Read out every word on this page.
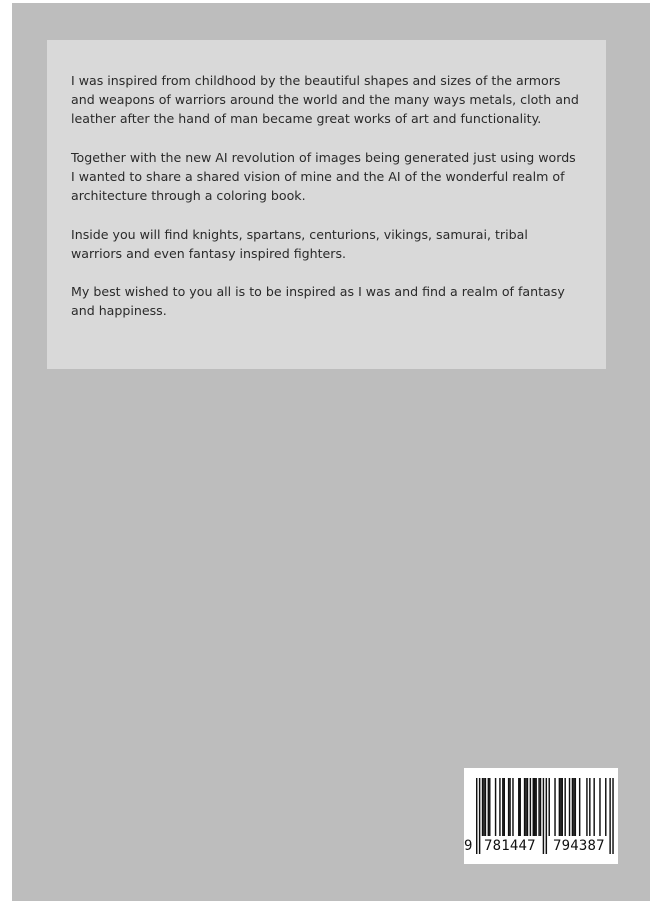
I was inspired from childhood by the beautiful shapes and sizes of the armors and weapons of warriors around the world and the many ways metals, cloth and leather after the hand of man became great works of art and functionality.

Together with the new AI revolution of images being generated just using words I wanted to share a shared vision of mine and the AI of the wonderful realm of architecture through a coloring book.

Inside you will find knights, spartans, centurions, vikings, samurai, tribal warriors and even fantasy inspired fighters.

My best wished to you all is to be inspired as I was and find a realm of fantasy and happiness.

9 781447 794387
